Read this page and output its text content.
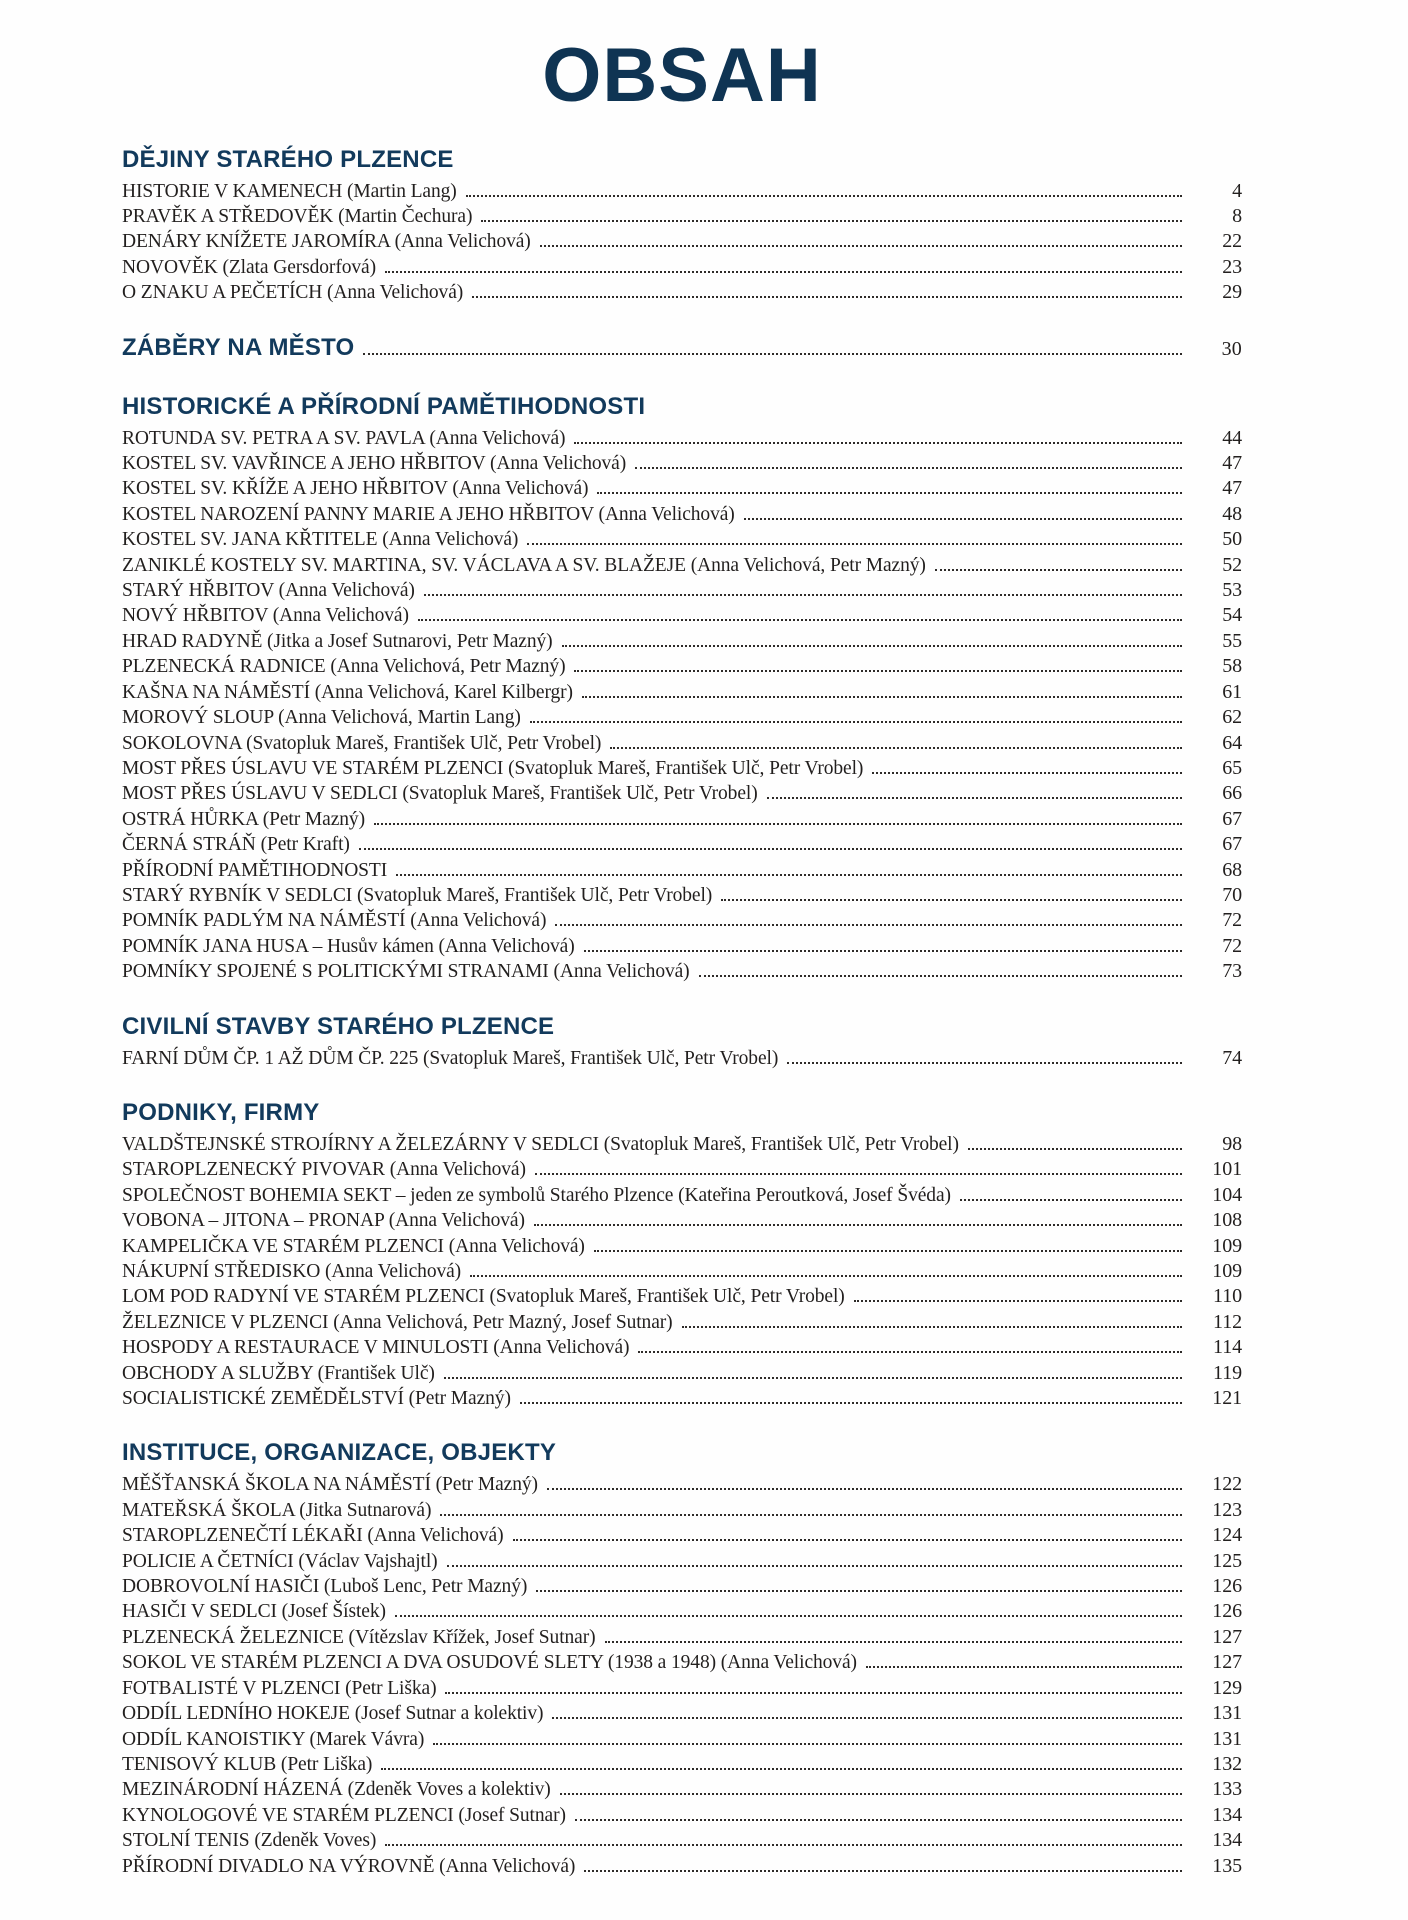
OBSAH
DĚJINY STARÉHO PLZENCE
HISTORIE V KAMENECH (Martin Lang)	4
PRAVĚK A STŘEDOVĚK (Martin Čechura)	8
DENÁRY KNÍŽETE JAROMÍRA (Anna Velichová)	22
NOVOVĚK (Zlata Gersdorfová)	23
O ZNAKU A PEČETÍCH (Anna Velichová)	29
ZÁBĚRY NA MĚSTO	30
HISTORICKÉ A PŘÍRODNÍ PAMĚTIHODNOSTI
ROTUNDA SV. PETRA A SV. PAVLA (Anna Velichová)	44
KOSTEL SV. VAVŘINCE A JEHO HŘBITOV (Anna Velichová)	47
KOSTEL SV. KŘÍŽE A JEHO HŘBITOV (Anna Velichová)	47
KOSTEL NAROZENÍ PANNY MARIE A JEHO HŘBITOV (Anna Velichová)	48
KOSTEL SV. JANA KŘTITELE (Anna Velichová)	50
ZANIKLÉ KOSTELY SV. MARTINA, SV. VÁCLAVA A SV. BLAŽEJE (Anna Velichová, Petr Mazný)	52
STARÝ HŘBITOV (Anna Velichová)	53
NOVÝ HŘBITOV (Anna Velichová)	54
HRAD RADYNĚ (Jitka a Josef Sutnarovi, Petr Mazný)	55
PLZENECKÁ RADNICE (Anna Velichová, Petr Mazný)	58
KAŠNA NA NÁMĚSTÍ (Anna Velichová, Karel Kilbergr)	61
MOROVÝ SLOUP (Anna Velichová, Martin Lang)	62
SOKOLOVNA (Svatopluk Mareš, František Ulč, Petr Vrobel)	64
MOST PŘES ÚSLAVU VE STARÉM PLZENCI (Svatopluk Mareš, František Ulč, Petr Vrobel)	65
MOST PŘES ÚSLAVU V SEDLCI (Svatopluk Mareš, František Ulč, Petr Vrobel)	66
OSTRÁ HŮRKA (Petr Mazný)	67
ČERNÁ STRÁŇ (Petr Kraft)	67
PŘÍRODNÍ PAMĚTIHODNOSTI	68
STARÝ RYBNÍK V SEDLCI (Svatopluk Mareš, František Ulč, Petr Vrobel)	70
POMNÍK PADLÝM NA NÁMĚSTÍ (Anna Velichová)	72
POMNÍK JANA HUSA – Husův kámen (Anna Velichová)	72
POMNÍKY SPOJENÉ S POLITICKÝMI STRANAMI (Anna Velichová)	73
CIVILNÍ STAVBY STARÉHO PLZENCE
FARNÍ DŮM ČP. 1 AŽ DŮM ČP. 225 (Svatopluk Mareš, František Ulč, Petr Vrobel)	74
PODNIKY, FIRMY
VALDŠTEJNSKÉ STROJÍRNY A ŽELEZÁRNY V SEDLCI (Svatopluk Mareš, František Ulč, Petr Vrobel)	98
STAROPLZENECKÝ PIVOVAR (Anna Velichová)	101
SPOLEČNOST BOHEMIA SEKT – jeden ze symbolů Starého Plzence (Kateřina Peroutková, Josef Švéda)	104
VOBONA – JITONA – PRONAP (Anna Velichová)	108
KAMPELIČKA VE STARÉM PLZENCI (Anna Velichová)	109
NÁKUPNÍ STŘEDISKO (Anna Velichová)	109
LOM POD RADYNÍ VE STARÉM PLZENCI (Svatopluk Mareš, František Ulč, Petr Vrobel)	110
ŽELEZNICE V PLZENCI (Anna Velichová, Petr Mazný, Josef Sutnar)	112
HOSPODY A RESTAURACE V MINULOSTI (Anna Velichová)	114
OBCHODY A SLUŽBY (František Ulč)	119
SOCIALISTICKÉ ZEMĚDĚLSTVÍ (Petr Mazný)	121
INSTITUCE, ORGANIZACE, OBJEKTY
MĚŠŤANSKÁ ŠKOLA NA NÁMĚSTÍ (Petr Mazný)	122
MATEŘSKÁ ŠKOLA (Jitka Sutnarová)	123
STAROPLZENEČTÍ LÉKAŘI (Anna Velichová)	124
POLICIE A ČETNÍCI (Václav Vajshajtl)	125
DOBROVOLNÍ HASIČI (Luboš Lenc, Petr Mazný)	126
HASIČI V SEDLCI (Josef Šístek)	126
PLZENECKÁ ŽELEZNICE (Vítězslav Křížek, Josef Sutnar)	127
SOKOL VE STARÉM PLZENCI A DVA OSUDOVÉ SLETY (1938 a 1948) (Anna Velichová)	127
FOTBALISTÉ V PLZENCI (Petr Liška)	129
ODDÍL LEDNÍHO HOKEJE (Josef Sutnar a kolektiv)	131
ODDÍL KANOISTIKY (Marek Vávra)	131
TENISOVÝ KLUB (Petr Liška)	132
MEZINÁRODNÍ HÁZENÁ (Zdeněk Voves a kolektiv)	133
KYNOLOGOVÉ VE STARÉM PLZENCI (Josef Sutnar)	134
STOLNÍ TENIS (Zdeněk Voves)	134
PŘÍRODNÍ DIVADLO NA VÝROVNĚ (Anna Velichová)	135
